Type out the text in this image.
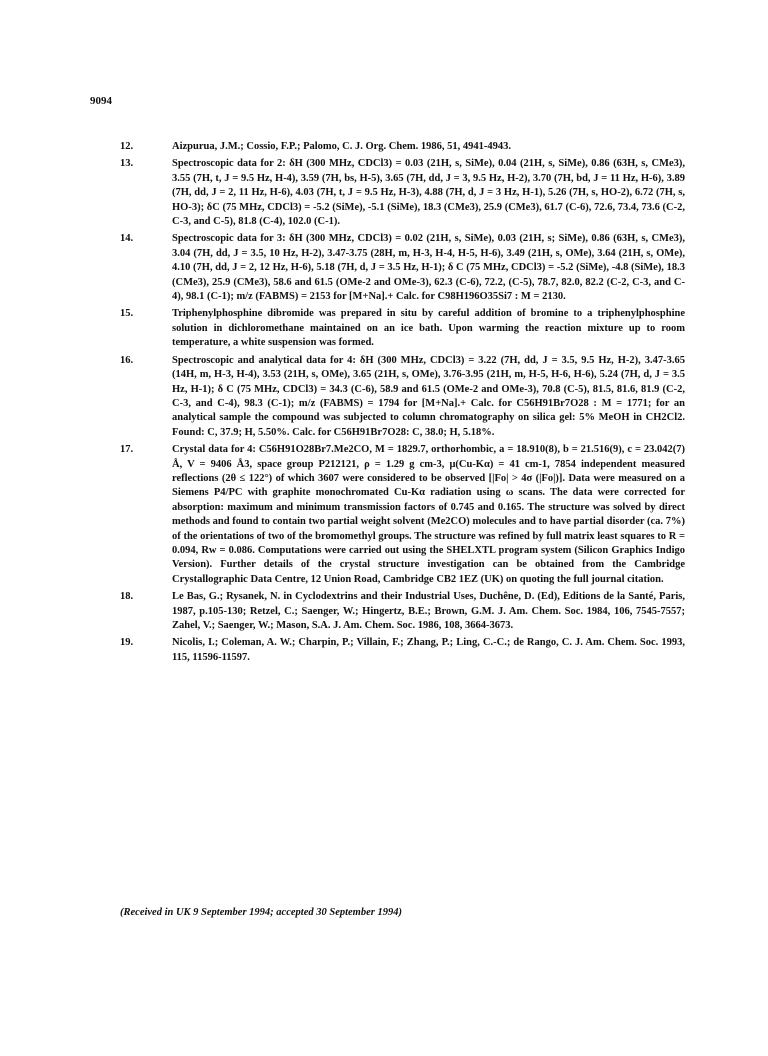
9094
12.	Aizpurua, J.M.; Cossio, F.P.; Palomo, C. J. Org. Chem. 1986, 51, 4941-4943.
13.	Spectroscopic data for 2: δH (300 MHz, CDCl3) = 0.03 (21H, s, SiMe), 0.04 (21H, s, SiMe), 0.86 (63H, s, CMe3), 3.55 (7H, t, J = 9.5 Hz, H-4), 3.59 (7H, bs, H-5), 3.65 (7H, dd, J = 3, 9.5 Hz, H-2), 3.70 (7H, bd, J = 11 Hz, H-6), 3.89 (7H, dd, J = 2, 11 Hz, H-6), 4.03 (7H, t, J = 9.5 Hz, H-3), 4.88 (7H, d, J = 3 Hz, H-1), 5.26 (7H, s, HO-2), 6.72 (7H, s, HO-3); δC (75 MHz, CDCl3) = -5.2 (SiMe), -5.1 (SiMe), 18.3 (CMe3), 25.9 (CMe3), 61.7 (C-6), 72.6, 73.4, 73.6 (C-2, C-3, and C-5), 81.8 (C-4), 102.0 (C-1).
14.	Spectroscopic data for 3: δH (300 MHz, CDCl3) = 0.02 (21H, s, SiMe), 0.03 (21H, s; SiMe), 0.86 (63H, s, CMe3), 3.04 (7H, dd, J = 3.5, 10 Hz, H-2), 3.47-3.75 (28H, m, H-3, H-4, H-5, H-6), 3.49 (21H, s, OMe), 3.64 (21H, s, OMe), 4.10 (7H, dd, J = 2, 12 Hz, H-6), 5.18 (7H, d, J = 3.5 Hz, H-1); δ C (75 MHz, CDCl3) = -5.2 (SiMe), -4.8 (SiMe), 18.3 (CMe3), 25.9 (CMe3), 58.6 and 61.5 (OMe-2 and OMe-3), 62.3 (C-6), 72.2, (C-5), 78.7, 82.0, 82.2 (C-2, C-3, and C-4), 98.1 (C-1); m/z (FABMS) = 2153 for [M+Na].+ Calc. for C98H196O35Si7 : M = 2130.
15.	Triphenylphosphine dibromide was prepared in situ by careful addition of bromine to a triphenylphosphine solution in dichloromethane maintained on an ice bath. Upon warming the reaction mixture up to room temperature, a white suspension was formed.
16.	Spectroscopic and analytical data for 4: δH (300 MHz, CDCl3) = 3.22 (7H, dd, J = 3.5, 9.5 Hz, H-2), 3.47-3.65 (14H, m, H-3, H-4), 3.53 (21H, s, OMe), 3.65 (21H, s, OMe), 3.76-3.95 (21H, m, H-5, H-6, H-6), 5.24 (7H, d, J = 3.5 Hz, H-1); δ C (75 MHz, CDCl3) = 34.3 (C-6), 58.9 and 61.5 (OMe-2 and OMe-3), 70.8 (C-5), 81.5, 81.6, 81.9 (C-2, C-3, and C-4), 98.3 (C-1); m/z (FABMS) = 1794 for [M+Na].+ Calc. for C56H91Br7O28 : M = 1771; for an analytical sample the compound was subjected to column chromatography on silica gel: 5% MeOH in CH2Cl2. Found: C, 37.9; H, 5.50%. Calc. for C56H91Br7O28: C, 38.0; H, 5.18%.
17.	Crystal data for 4: C56H91O28Br7.Me2CO, M = 1829.7, orthorhombic, a = 18.910(8), b = 21.516(9), c = 23.042(7) Å, V = 9406 Å3, space group P212121, ρ = 1.29 g cm-3, μ(Cu-Kα) = 41 cm-1, 7854 independent measured reflections (2θ ≤ 122°) of which 3607 were considered to be observed [|Fo| > 4σ (|Fo|)]. Data were measured on a Siemens P4/PC with graphite monochromated Cu-Kα radiation using ω scans. The data were corrected for absorption: maximum and minimum transmission factors of 0.745 and 0.165. The structure was solved by direct methods and found to contain two partial weight solvent (Me2CO) molecules and to have partial disorder (ca. 7%) of the orientations of two of the bromomethyl groups. The structure was refined by full matrix least squares to R = 0.094, Rw = 0.086. Computations were carried out using the SHELXTL program system (Silicon Graphics Indigo Version). Further details of the crystal structure investigation can be obtained from the Cambridge Crystallographic Data Centre, 12 Union Road, Cambridge CB2 1EZ (UK) on quoting the full journal citation.
18.	Le Bas, G.; Rysanek, N. in Cyclodextrins and their Industrial Uses, Duchêne, D. (Ed), Editions de la Santé, Paris, 1987, p.105-130; Retzel, C.; Saenger, W.; Hingertz, B.E.; Brown, G.M. J. Am. Chem. Soc. 1984, 106, 7545-7557; Zahel, V.; Saenger, W.; Mason, S.A. J. Am. Chem. Soc. 1986, 108, 3664-3673.
19.	Nicolis, I.; Coleman, A. W.; Charpin, P.; Villain, F.; Zhang, P.; Ling, C.-C.; de Rango, C. J. Am. Chem. Soc. 1993, 115, 11596-11597.
(Received in UK 9 September 1994; accepted 30 September 1994)
